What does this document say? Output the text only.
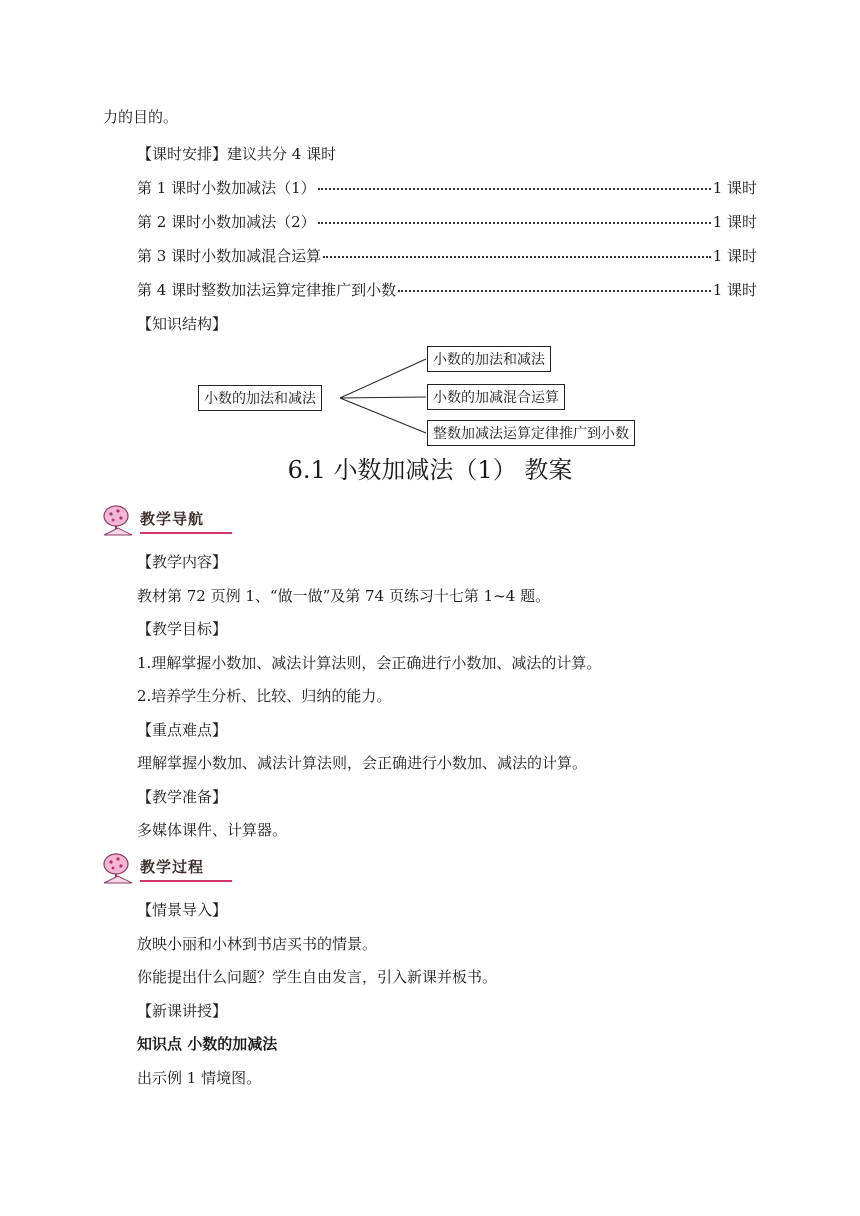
力的目的。
【课时安排】建议共分 4 课时
第 1 课时小数加减法（1）	1 课时
第 2 课时小数加减法（2）	1 课时
第 3 课时小数加减混合运算	1 课时
第 4 课时整数加法运算定律推广到小数	1 课时
【知识结构】
小数的加法和减法
小数的加法和减法
小数的加减混合运算
整数加减法运算定律推广到小数
6.1 小数加减法（1） 教案
教学导航
【教学内容】
教材第 72 页例 1、“做一做”及第 74 页练习十七第 1~4 题。
【教学目标】
1.理解掌握小数加、减法计算法则，会正确进行小数加、减法的计算。
2.培养学生分析、比较、归纳的能力。
【重点难点】
理解掌握小数加、减法计算法则，会正确进行小数加、减法的计算。
【教学准备】
多媒体课件、计算器。
教学过程
【情景导入】
放映小丽和小林到书店买书的情景。
你能提出什么问题？学生自由发言，引入新课并板书。
【新课讲授】
知识点 小数的加减法
出示例 1 情境图。
